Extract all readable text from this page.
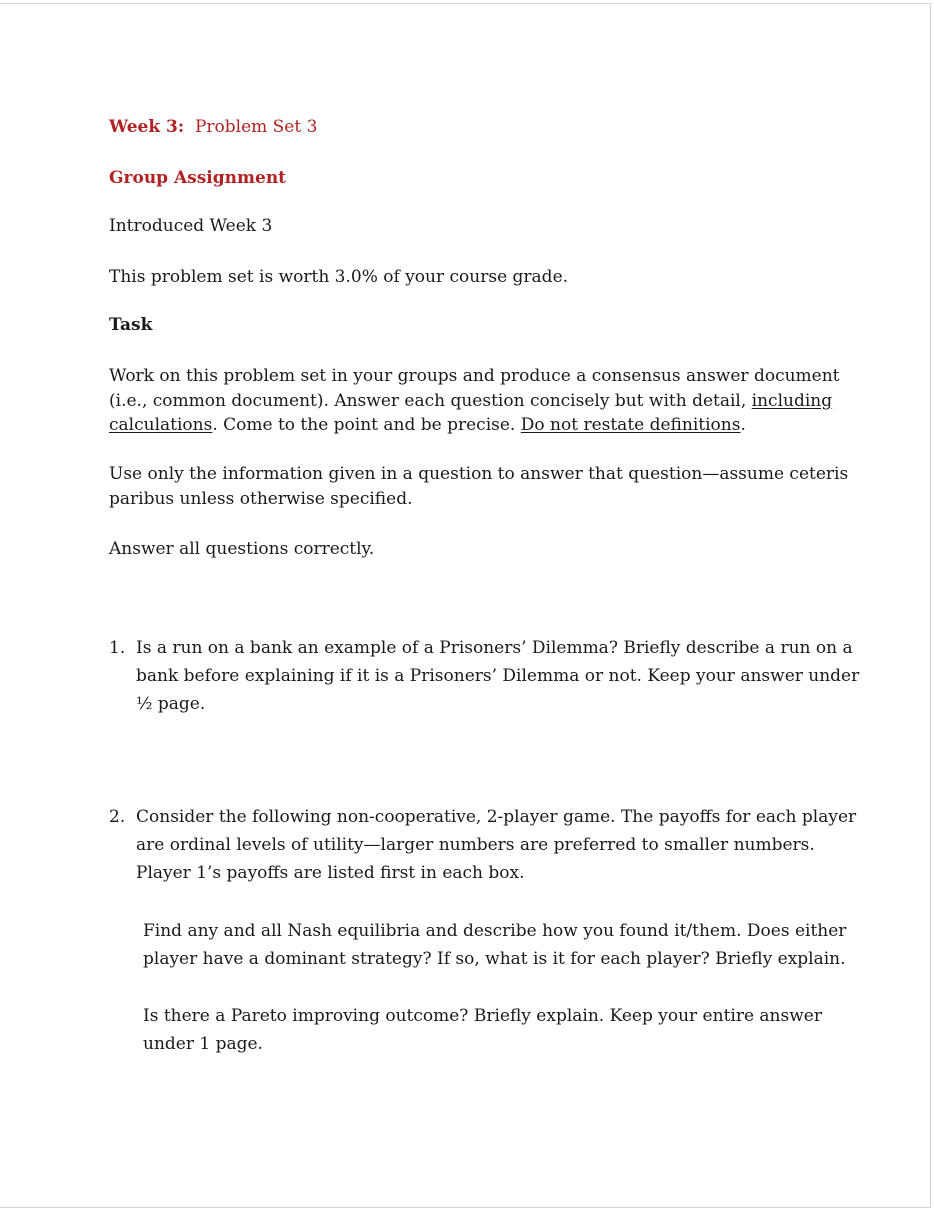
Week 3: Problem Set 3

Group Assignment

Introduced Week 3

This problem set is worth 3.0% of your course grade.

Task

Work on this problem set in your groups and produce a consensus answer document
(i.e., common document). Answer each question concisely but with detail, including
calculations. Come to the point and be precise. Do not restate definitions.
Use only the information given in a question to answer that question—assume ceteris
paribus unless otherwise specified.

Answer all questions correctly.

1. Is a run on a bank an example of a Prisoners’ Dilemma? Briefly describe a run on a
bank before explaining if it is a Prisoners’ Dilemma or not. Keep your answer under
½ page.

2. Consider the following non-cooperative, 2-player game. The payoffs for each player
are ordinal levels of utility—larger numbers are preferred to smaller numbers.
Player 1’s payoffs are listed first in each box.
Find any and all Nash equilibria and describe how you found it/them. Does either
player have a dominant strategy? If so, what is it for each player? Briefly explain.
Is there a Pareto improving outcome? Briefly explain. Keep your entire answer
under 1 page.
